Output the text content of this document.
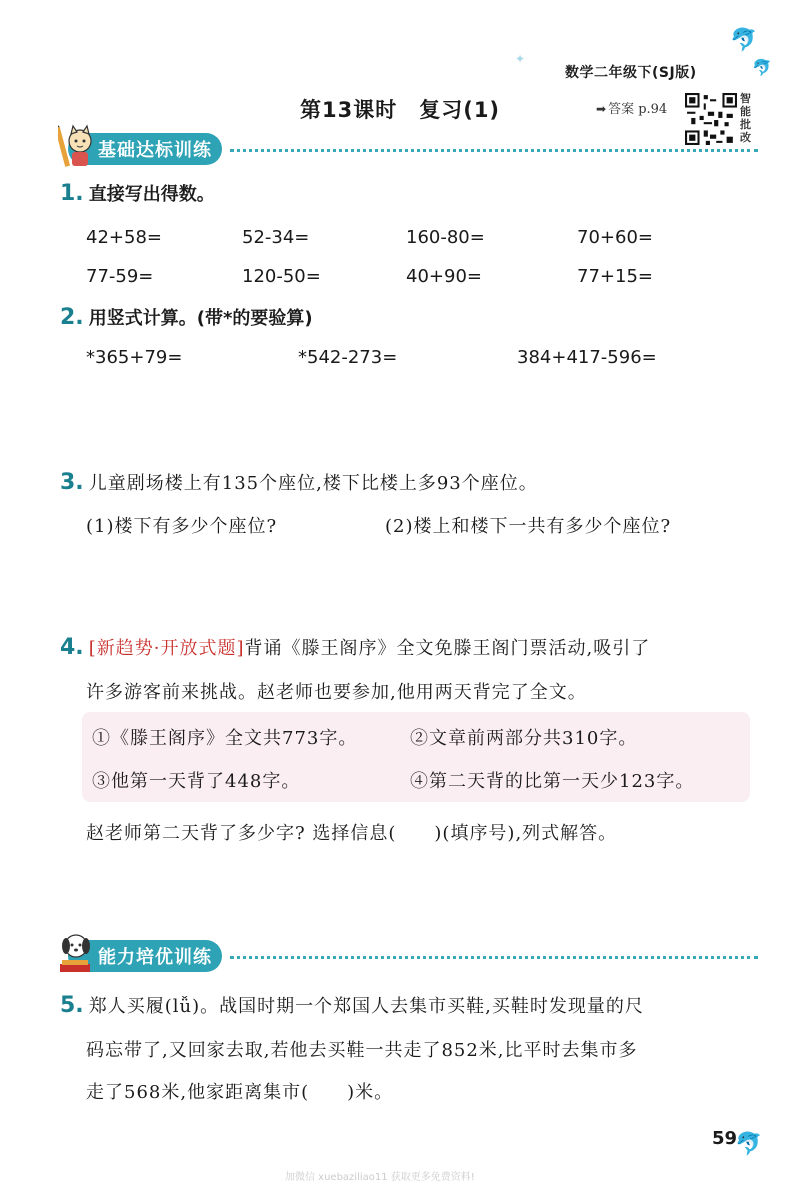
🐬
🐬
🐬
✦
数学二年级下(SJ版)
第13课时　复习(1)	➡ 答案 p.94
智能批改
基础达标训练
1. 直接写出得数。
42+58=	52-34=	160-80=	70+60=
77-59=	120-50=	40+90=	77+15=
2. 用竖式计算。(带*的要验算)
*365+79=	*542-273=	384+417-596=
3. 儿童剧场楼上有135个座位,楼下比楼上多93个座位。
(1)楼下有多少个座位?	(2)楼上和楼下一共有多少个座位?
4. [新趋势·开放式题]背诵《滕王阁序》全文免滕王阁门票活动,吸引了
许多游客前来挑战。赵老师也要参加,他用两天背完了全文。
①《滕王阁序》全文共773字。	②文章前两部分共310字。
③他第一天背了448字。	④第二天背的比第一天少123字。
赵老师第二天背了多少字? 选择信息(　　)(填序号),列式解答。
能力培优训练
5. 郑人买履(lǚ)。战国时期一个郑国人去集市买鞋,买鞋时发现量的尺
码忘带了,又回家去取,若他去买鞋一共走了852米,比平时去集市多
走了568米,他家距离集市(　　)米。
59
加微信 xuebaziliao11 获取更多免费资料!
